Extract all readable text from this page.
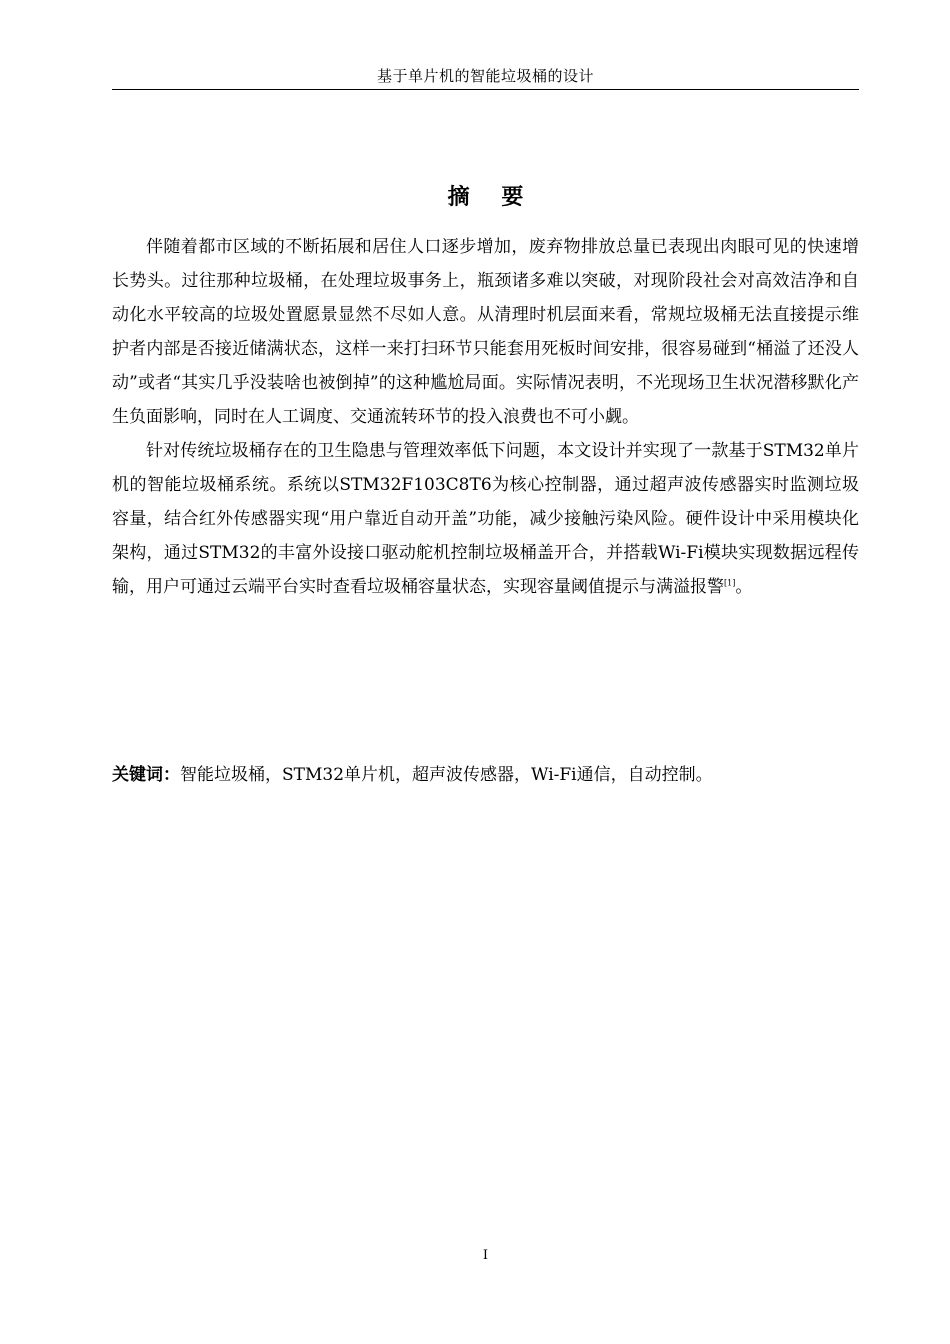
基于单片机的智能垃圾桶的设计
摘 要

伴随着都市区域的不断拓展和居住人口逐步增加，废弃物排放总量已表现出肉眼可见的快速增长势头。过往那种垃圾桶，在处理垃圾事务上，瓶颈诸多难以突破，对现阶段社会对高效洁净和自动化水平较高的垃圾处置愿景显然不尽如人意。从清理时机层面来看，常规垃圾桶无法直接提示维护者内部是否接近储满状态，这样一来打扫环节只能套用死板时间安排，很容易碰到“桶溢了还没人动”或者“其实几乎没装啥也被倒掉”的这种尴尬局面。实际情况表明，不光现场卫生状况潜移默化产生负面影响，同时在人工调度、交通流转环节的投入浪费也不可小觑。

针对传统垃圾桶存在的卫生隐患与管理效率低下问题，本文设计并实现了一款基于STM32单片机的智能垃圾桶系统。系统以STM32F103C8T6为核心控制器，通过超声波传感器实时监测垃圾容量，结合红外传感器实现“用户靠近自动开盖”功能，减少接触污染风险。硬件设计中采用模块化架构，通过STM32的丰富外设接口驱动舵机控制垃圾桶盖开合，并搭载Wi-Fi模块实现数据远程传输，用户可通过云端平台实时查看垃圾桶容量状态，实现容量阈值提示与满溢报警[1]。

关键词：智能垃圾桶，STM32单片机，超声波传感器，Wi-Fi通信，自动控制。
I
